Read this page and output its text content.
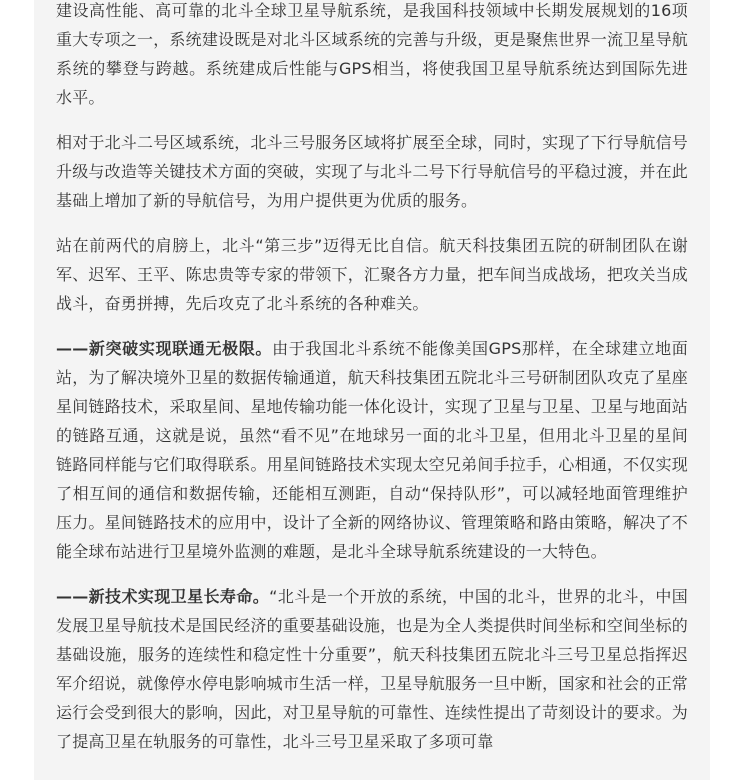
建设高性能、高可靠的北斗全球卫星导航系统，是我国科技领域中长期发展规划的16项重大专项之一，系统建设既是对北斗区域系统的完善与升级，更是聚焦世界一流卫星导航系统的攀登与跨越。系统建成后性能与GPS相当，将使我国卫星导航系统达到国际先进水平。

相对于北斗二号区域系统，北斗三号服务区域将扩展至全球，同时，实现了下行导航信号升级与改造等关键技术方面的突破，实现了与北斗二号下行导航信号的平稳过渡，并在此基础上增加了新的导航信号，为用户提供更为优质的服务。

站在前两代的肩膀上，北斗“第三步”迈得无比自信。航天科技集团五院的研制团队在谢军、迟军、王平、陈忠贵等专家的带领下，汇聚各方力量，把车间当成战场，把攻关当成战斗，奋勇拼搏，先后攻克了北斗系统的各种难关。

——新突破实现联通无极限。由于我国北斗系统不能像美国GPS那样，在全球建立地面站，为了解决境外卫星的数据传输通道，航天科技集团五院北斗三号研制团队攻克了星座星间链路技术，采取星间、星地传输功能一体化设计，实现了卫星与卫星、卫星与地面站的链路互通，这就是说，虽然“看不见”在地球另一面的北斗卫星，但用北斗卫星的星间链路同样能与它们取得联系。用星间链路技术实现太空兄弟间手拉手，心相通，不仅实现了相互间的通信和数据传输，还能相互测距，自动“保持队形”，可以减轻地面管理维护压力。星间链路技术的应用中，设计了全新的网络协议、管理策略和路由策略，解决了不能全球布站进行卫星境外监测的难题，是北斗全球导航系统建设的一大特色。

——新技术实现卫星长寿命。“北斗是一个开放的系统，中国的北斗，世界的北斗，中国发展卫星导航技术是国民经济的重要基础设施，也是为全人类提供时间坐标和空间坐标的基础设施，服务的连续性和稳定性十分重要”，航天科技集团五院北斗三号卫星总指挥迟军介绍说，就像停水停电影响城市生活一样，卫星导航服务一旦中断，国家和社会的正常运行会受到很大的影响，因此，对卫星导航的可靠性、连续性提出了苛刻设计的要求。为了提高卫星在轨服务的可靠性，北斗三号卫星采取了多项可靠
